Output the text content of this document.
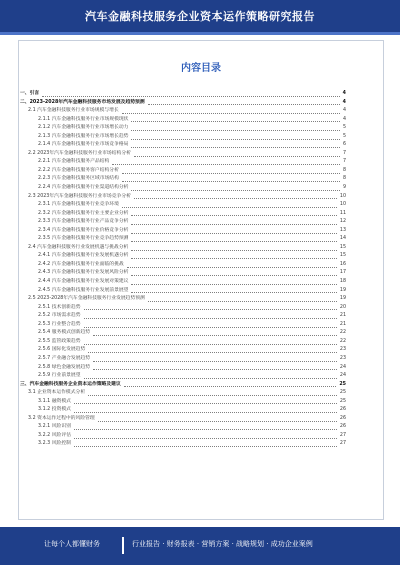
汽车金融科技服务企业资本运作策略研究报告
内容目录
一、引言	4
二、2023-2028年汽车金融科技服务市场发展及趋势预测	4
2.1 汽车金融科技服务行业市场规模与增长	4
2.1.1 汽车金融科技服务行业市场规模现状	4
2.1.2 汽车金融科技服务行业市场增长动力	5
2.1.3 汽车金融科技服务行业市场增长趋势	5
2.1.4 汽车金融科技服务行业市场竞争格局	6
2.2 2023年汽车金融科技服务行业市场结构分析	7
2.2.1 汽车金融科技服务产品结构	7
2.2.2 汽车金融科技服务客户结构分析	8
2.2.3 汽车金融科技服务区域市场结构	8
2.2.4 汽车金融科技服务行业渠道结构分析	9
2.3 2023年汽车金融科技服务行业市场竞争分析	10
2.3.1 汽车金融科技服务行业竞争环境	10
2.3.2 汽车金融科技服务行业主要企业分析	11
2.3.3 汽车金融科技服务行业产品竞争分析	12
2.3.4 汽车金融科技服务行业价格竞争分析	13
2.3.5 汽车金融科技服务行业竞争趋势预测	14
2.4 汽车金融科技服务行业发展机遇与挑战分析	15
2.4.1 汽车金融科技服务行业发展机遇分析	15
2.4.2 汽车金融科技服务行业面临的挑战	16
2.4.3 汽车金融科技服务行业发展风险分析	17
2.4.4 汽车金融科技服务行业发展对策建议	18
2.4.5 汽车金融科技服务行业发展前景展望	19
2.5 2023-2028年汽车金融科技服务行业发展趋势预测	19
2.5.1 技术创新趋势	20
2.5.2 市场需求趋势	21
2.5.3 行业整合趋势	21
2.5.4 服务模式创新趋势	22
2.5.5 监管政策趋势	22
2.5.6 国际化发展趋势	23
2.5.7 产业融合发展趋势	23
2.5.8 绿色金融发展趋势	24
2.5.9 行业前景展望	24
三、汽车金融科技服务企业资本运作策略及建议	25
3.1 企业资本运作模式分析	25
3.1.1 融资模式	25
3.1.2 投资模式	26
3.2 资本运作过程中的风险管理	26
3.2.1 风险识别	26
3.2.2 风险评估	27
3.2.3 风险控制	27
让每个人都懂财务	行业报告 · 财务报表 · 营销方案 · 战略规划 · 成功企业案例
